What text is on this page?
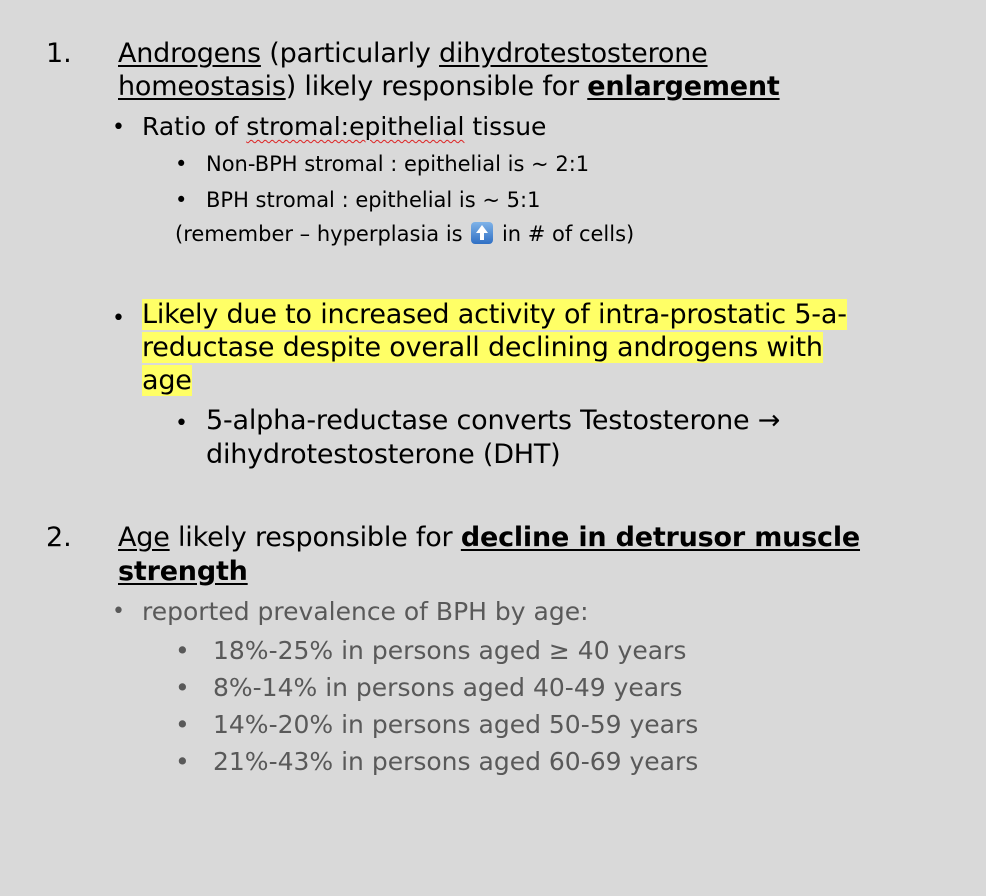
1. Androgens (particularly dihydrotestosterone
homeostasis) likely responsible for enlargement
• Ratio of stromal:epithelial tissue
• Non-BPH stromal : epithelial is ~ 2:1
• BPH stromal : epithelial is ~ 5:1
(remember – hyperplasia is  in # of cells)
• Likely due to increased activity of intra-prostatic 5-a-
reductase despite overall declining androgens with
age
• 5-alpha-reductase converts Testosterone →
dihydrotestosterone (DHT)
2. Age likely responsible for decline in detrusor muscle
strength
• reported prevalence of BPH by age:
• 18%-25% in persons aged ≥ 40 years
• 8%-14% in persons aged 40-49 years
• 14%-20% in persons aged 50-59 years
• 21%-43% in persons aged 60-69 years
